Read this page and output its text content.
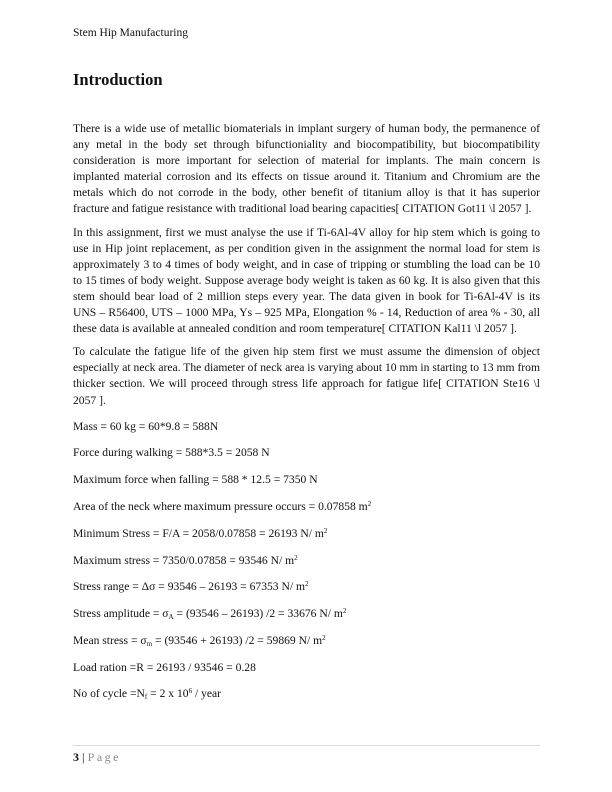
Stem Hip Manufacturing
Introduction

There is a wide use of metallic biomaterials in implant surgery of human body, the permanence of any metal in the body set through bifunctioniality and biocompatibility, but biocompatibility consideration is more important for selection of material for implants. The main concern is implanted material corrosion and its effects on tissue around it. Titanium and Chromium are the metals which do not corrode in the body, other benefit of titanium alloy is that it has superior fracture and fatigue resistance with traditional load bearing capacities[ CITATION Got11 \l 2057 ].

In this assignment, first we must analyse the use if Ti-6Al-4V alloy for hip stem which is going to use in Hip joint replacement, as per condition given in the assignment the normal load for stem is approximately 3 to 4 times of body weight, and in case of tripping or stumbling the load can be 10 to 15 times of body weight. Suppose average body weight is taken as 60 kg. It is also given that this stem should bear load of 2 million steps every year. The data given in book for Ti-6Al-4V is its UNS – R56400, UTS – 1000 MPa, Ys – 925 MPa, Elongation % - 14, Reduction of area % - 30, all these data is available at annealed condition and room temperature[ CITATION Kal11 \l 2057 ].

To calculate the fatigue life of the given hip stem first we must assume the dimension of object especially at neck area. The diameter of neck area is varying about 10 mm in starting to 13 mm from thicker section. We will proceed through stress life approach for fatigue life[ CITATION Ste16 \l 2057 ].

Mass = 60 kg = 60*9.8 = 588N

Force during walking = 588*3.5 = 2058 N

Maximum force when falling = 588 * 12.5 = 7350 N

Area of the neck where maximum pressure occurs = 0.07858 $m^2$

Minimum Stress = F/A = 2058/0.07858 = 26193 N/ $m^2$

Maximum stress = 7350/0.07858 = 93546 N/ $m^2$

Stress range = Δσ = 93546 – 26193 = 67353 N/ $m^2$

Stress amplitude = $\sigma_A = (93546 - 26193) /2 = 33676$ N/ $m^2$

Mean stress = $\sigma_m = (93546 + 26193) /2 = 59869$ N/ $m^2$

Load ration =R = 26193 / 93546 = 0.28

No of cycle $=N_f = 2$ x $10^6$ / year

3 | Page
